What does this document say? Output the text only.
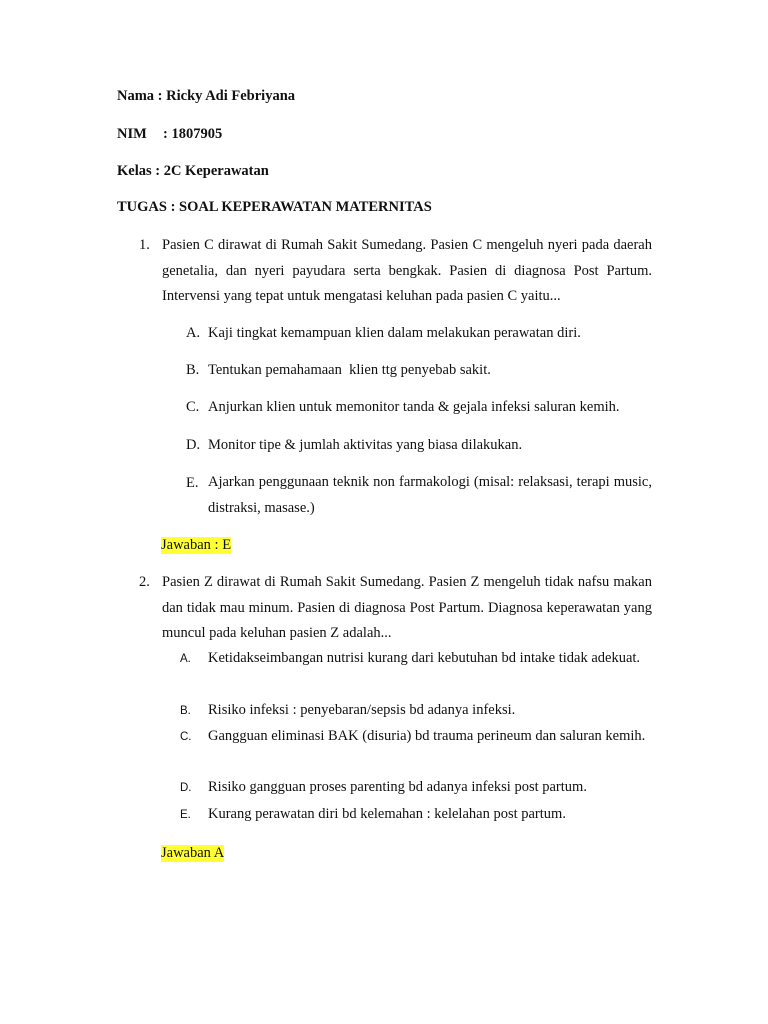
Nama : Ricky Adi Febriyana
NIM : 1807905
Kelas : 2C Keperawatan
TUGAS : SOAL KEPERAWATAN MATERNITAS
1. Pasien C dirawat di Rumah Sakit Sumedang. Pasien C mengeluh nyeri pada daerah genetalia, dan nyeri payudara serta bengkak. Pasien di diagnosa Post Partum. Intervensi yang tepat untuk mengatasi keluhan pada pasien C yaitu...
A. Kaji tingkat kemampuan klien dalam melakukan perawatan diri.
B. Tentukan pemahamaan  klien ttg penyebab sakit.
C. Anjurkan klien untuk memonitor tanda & gejala infeksi saluran kemih.
D. Monitor tipe & jumlah aktivitas yang biasa dilakukan.
E. Ajarkan penggunaan teknik non farmakologi (misal: relaksasi, terapi music, distraksi, masase.)
Jawaban : E
2. Pasien Z dirawat di Rumah Sakit Sumedang. Pasien Z mengeluh tidak nafsu makan dan tidak mau minum. Pasien di diagnosa Post Partum. Diagnosa keperawatan yang muncul pada keluhan pasien Z adalah...
A. Ketidakseimbangan nutrisi kurang dari kebutuhan bd intake tidak adekuat.
B. Risiko infeksi : penyebaran/sepsis bd adanya infeksi.
C. Gangguan eliminasi BAK (disuria) bd trauma perineum dan saluran kemih.
D. Risiko gangguan proses parenting bd adanya infeksi post partum.
E. Kurang perawatan diri bd kelemahan : kelelahan post partum.
Jawaban A
